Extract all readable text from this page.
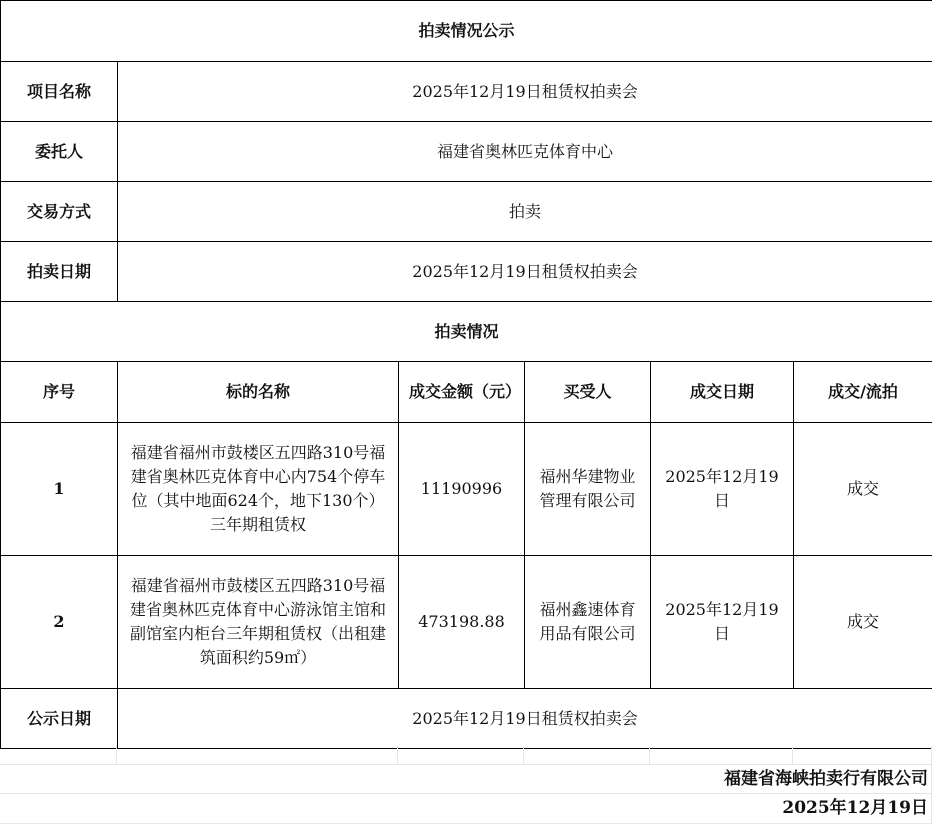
拍卖情况公示					
项目名称	2025年12月19日租赁权拍卖会				
委托人	福建省奥林匹克体育中心				
交易方式	拍卖				
拍卖日期	2025年12月19日租赁权拍卖会				
拍卖情况					
序号	标的名称	成交金额（元）	买受人	成交日期	成交/流拍
1	福建省福州市鼓楼区五四路310号福建省奥林匹克体育中心内754个停车位（其中地面624个，地下130个）三年期租赁权	11190996	福州华建物业管理有限公司	2025年12月19日	成交
2	福建省福州市鼓楼区五四路310号福建省奥林匹克体育中心游泳馆主馆和副馆室内柜台三年期租赁权（出租建筑面积约59㎡）	473198.88	福州鑫速体育用品有限公司	2025年12月19日	成交
公示日期	2025年12月19日租赁权拍卖会				
福建省海峡拍卖行有限公司
2025年12月19日
